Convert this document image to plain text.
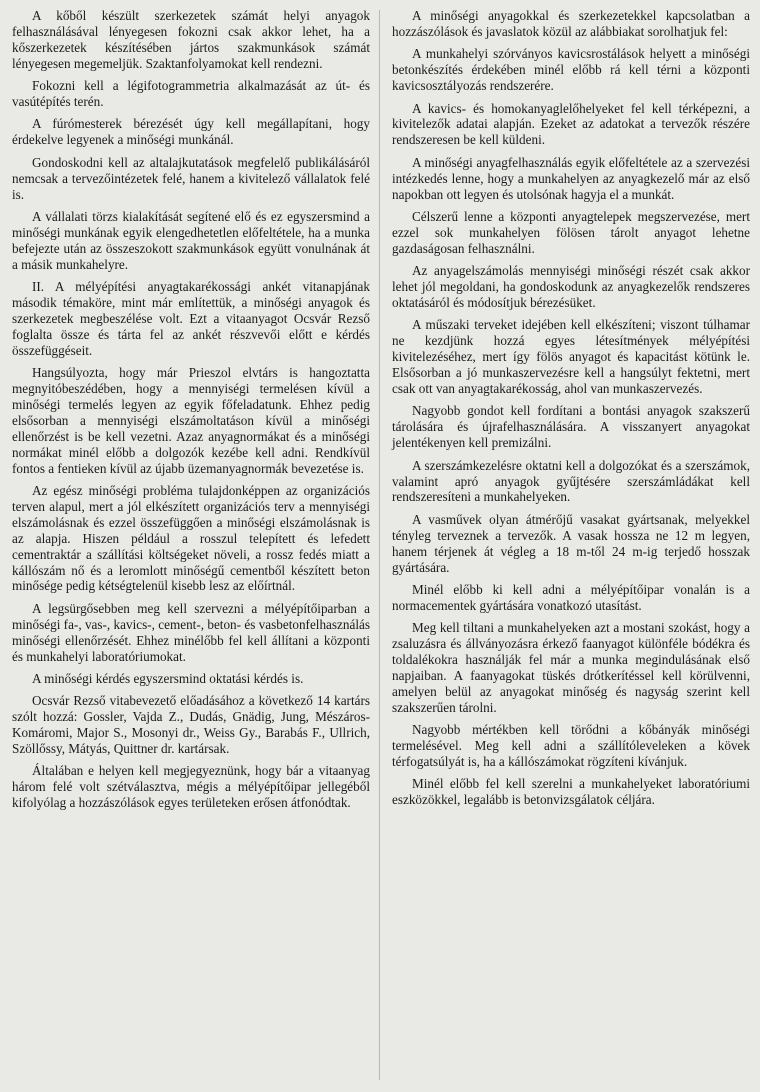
A kőből készült szerkezetek számát helyi anyagok felhasználásával lényegesen fokozni csak akkor lehet, ha a kőszerkezetek készítésében jártos szakmunkások számát lényegesen megemeljük. Szaktanfolyamokat kell rendezni.

Fokozni kell a légifotogrammetria alkalmazását az út- és vasútépítés terén.

A fúrómesterek bérezését úgy kell megállapítani, hogy érdekelve legyenek a minőségi munkánál.

Gondoskodni kell az altalajkutatások megfelelő publikálásáról nemcsak a tervezőintézetek felé, hanem a kivitelező vállalatok felé is.

A vállalati törzs kialakítását segítené elő és ez egyszersmind a minőségi munkának egyik elengedhetetlen előfeltétele, ha a munka befejezte után az összeszokott szakmunkások együtt vonulnának át a másik munkahelyre.

II. A mélyépítési anyagtakarékossági ankét vitanapjának második témaköre, mint már említettük, a minőségi anyagok és szerkezetek megbeszélése volt. Ezt a vitaanyagot Ocsvár Rezső foglalta össze és tárta fel az ankét részvevői előtt e kérdés összefüggéseit.

Hangsúlyozta, hogy már Prieszol elvtárs is hangoztatta megnyitóbeszédében, hogy a mennyiségi termelésen kívül a minőségi termelés legyen az egyik főfeladatunk. Ehhez pedig elsősorban a mennyiségi elszámoltatáson kívül a minőségi ellenőrzést is be kell vezetni. Azaz anyagnormákat és a minőségi normákat minél előbb a dolgozók kezébe kell adni. Rendkívül fontos a fentieken kívül az újabb üzemanyagnormák bevezetése is.

Az egész minőségi probléma tulajdonképpen az organizációs terven alapul, mert a jól elkészített organizációs terv a mennyiségi elszámolásnak és ezzel összefüggően a minőségi elszámolásnak is az alapja. Hiszen például a rosszul telepített és lefedett cementraktár a szállítási költségeket növeli, a rossz fedés miatt a kállószám nő és a leromlott minőségű cementből készített beton minősége pedig kétségtelenül kisebb lesz az előírtnál.

A legsürgősebben meg kell szervezni a mélyépítőiparban a minőségi fa-, vas-, kavics-, cement-, beton- és vasbetonfelhasználás minőségi ellenőrzését. Ehhez minélőbb fel kell állítani a központi és munkahelyi laboratóriumokat.

A minőségi kérdés egyszersmind oktatási kérdés is.

Ocsvár Rezső vitabevezető előadásához a következő 14 kartárs szólt hozzá: Gossler, Vajda Z., Dudás, Gnädig, Jung, Mészáros-Komáromi, Major S., Mosonyi dr., Weiss Gy., Barabás F., Ullrich, Szöllőssy, Mátyás, Quittner dr. kartársak.

Általában e helyen kell megjegyeznünk, hogy bár a vitaanyag három felé volt szétválasztva, mégis a mélyépítőipar jellegéből kifolyólag a hozzászólások egyes területeken erősen átfonódtak.

A minőségi anyagokkal és szerkezetekkel kapcsolatban a hozzászólások és javaslatok közül az alábbiakat sorolhatjuk fel:

A munkahelyi szórványos kavicsrostálások helyett a minőségi betonkészítés érdekében minél előbb rá kell térni a központi kavicsosztályozás rendszerére.

A kavics- és homokanyaglelőhelyeket fel kell térképezni, a kivitelezők adatai alapján. Ezeket az adatokat a tervezők részére rendszeresen be kell küldeni.

A minőségi anyagfelhasználás egyik előfeltétele az a szervezési intézkedés lenne, hogy a munkahelyen az anyagkezelő már az első napokban ott legyen és utolsónak hagyja el a munkát.

Célszerű lenne a központi anyagtelepek megszervezése, mert ezzel sok munkahelyen fölösen tárolt anyagot lehetne gazdaságosan felhasználni.

Az anyagelszámolás mennyiségi minőségi részét csak akkor lehet jól megoldani, ha gondoskodunk az anyagkezelők rendszeres oktatásáról és módosítjuk bérezésüket.

A műszaki terveket idejében kell elkészíteni; viszont túlhamar ne kezdjünk hozzá egyes létesítmények mélyépítési kivitelezéséhez, mert így fölös anyagot és kapacitást kötünk le. Elsősorban a jó munkaszervezésre kell a hangsúlyt fektetni, mert csak ott van anyagtakarékosság, ahol van munkaszervezés.

Nagyobb gondot kell fordítani a bontási anyagok szakszerű tárolására és újrafelhasználására. A visszanyert anyagokat jelentékenyen kell premizálni.

A szerszámkezelésre oktatni kell a dolgozókat és a szerszámok, valamint apró anyagok gyűjtésére szerszámládákat kell rendszeresíteni a munkahelyeken.

A vasművek olyan átmérőjű vasakat gyártsanak, melyekkel tényleg terveznek a tervezők. A vasak hossza ne 12 m legyen, hanem térjenek át végleg a 18 m-től 24 m-ig terjedő hosszak gyártására.

Minél előbb ki kell adni a mélyépítőipar vonalán is a normacementek gyártására vonatkozó utasítást.

Meg kell tiltani a munkahelyeken azt a mostani szokást, hogy a zsaluzásra és állványozásra érkező faanyagot különféle bódékra és toldalékokra használják fel már a munka megindulásának első napjaiban. A faanyagokat tüskés drótkerítéssel kell körülvenni, amelyen belül az anyagokat minőség és nagyság szerint kell szakszerűen tárolni.

Nagyobb mértékben kell törődni a kőbányák minőségi termelésével. Meg kell adni a szállítóleveleken a kövek térfogatsúlyát is, ha a kállószámokat rögzíteni kívánjuk.

Minél előbb fel kell szerelni a munkahelyeket laboratóriumi eszközökkel, legalább is betonvizsgálatok céljára.
